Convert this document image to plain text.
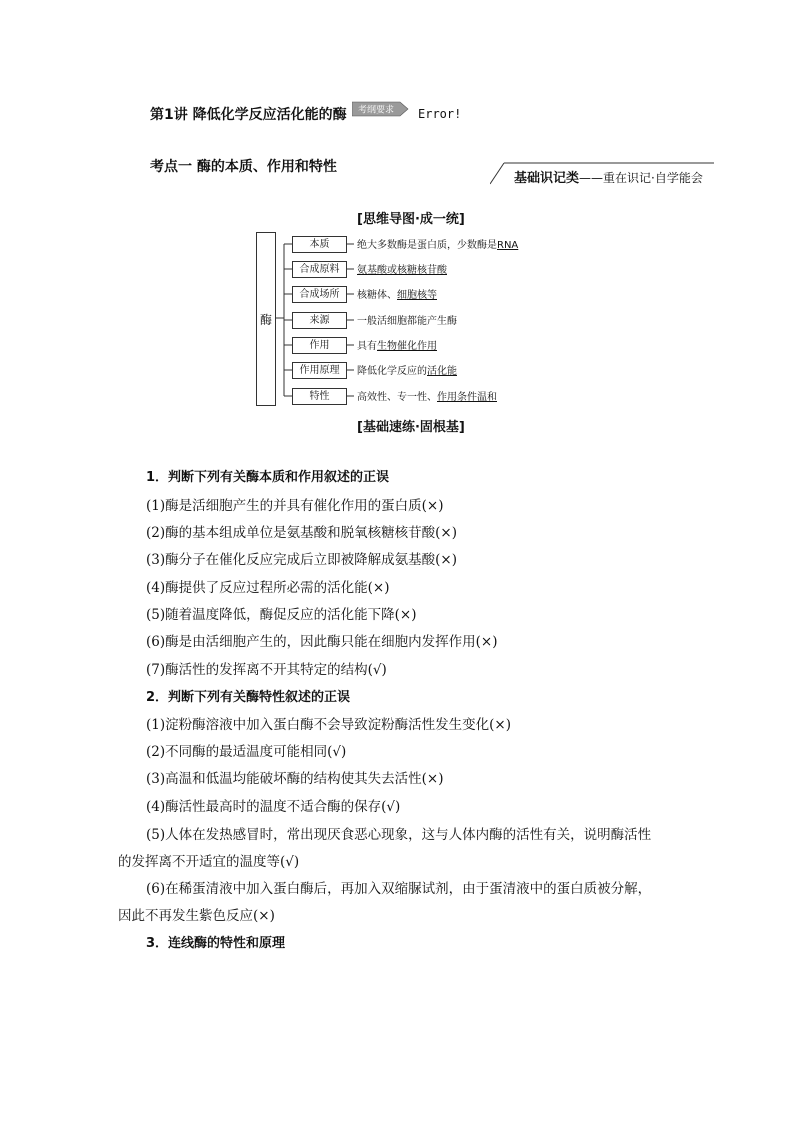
第1讲 降低化学反应活化能的酶 考纲要求 Error!
考点一 酶的本质、作用和特性
基础识记类——重在识记·自学能会
[思维导图·成一统]
酶
本质	绝大多数酶是蛋白质，少数酶是RNA
合成原料	氨基酸或核糖核苷酸
合成场所	核糖体、细胞核等
来源	一般活细胞都能产生酶
作用	具有生物催化作用
作用原理	降低化学反应的活化能
特性	高效性、专一性、作用条件温和
[基础速练·固根基]
1．判断下列有关酶本质和作用叙述的正误
(1)酶是活细胞产生的并具有催化作用的蛋白质(×)
(2)酶的基本组成单位是氨基酸和脱氧核糖核苷酸(×)
(3)酶分子在催化反应完成后立即被降解成氨基酸(×)
(4)酶提供了反应过程所必需的活化能(×)
(5)随着温度降低，酶促反应的活化能下降(×)
(6)酶是由活细胞产生的，因此酶只能在细胞内发挥作用(×)
(7)酶活性的发挥离不开其特定的结构(√)
2．判断下列有关酶特性叙述的正误
(1)淀粉酶溶液中加入蛋白酶不会导致淀粉酶活性发生变化(×)
(2)不同酶的最适温度可能相同(√)
(3)高温和低温均能破坏酶的结构使其失去活性(×)
(4)酶活性最高时的温度不适合酶的保存(√)
(5)人体在发热感冒时，常出现厌食恶心现象，这与人体内酶的活性有关，说明酶活性
的发挥离不开适宜的温度等(√)
(6)在稀蛋清液中加入蛋白酶后，再加入双缩脲试剂，由于蛋清液中的蛋白质被分解，
因此不再发生紫色反应(×)
3．连线酶的特性和原理
